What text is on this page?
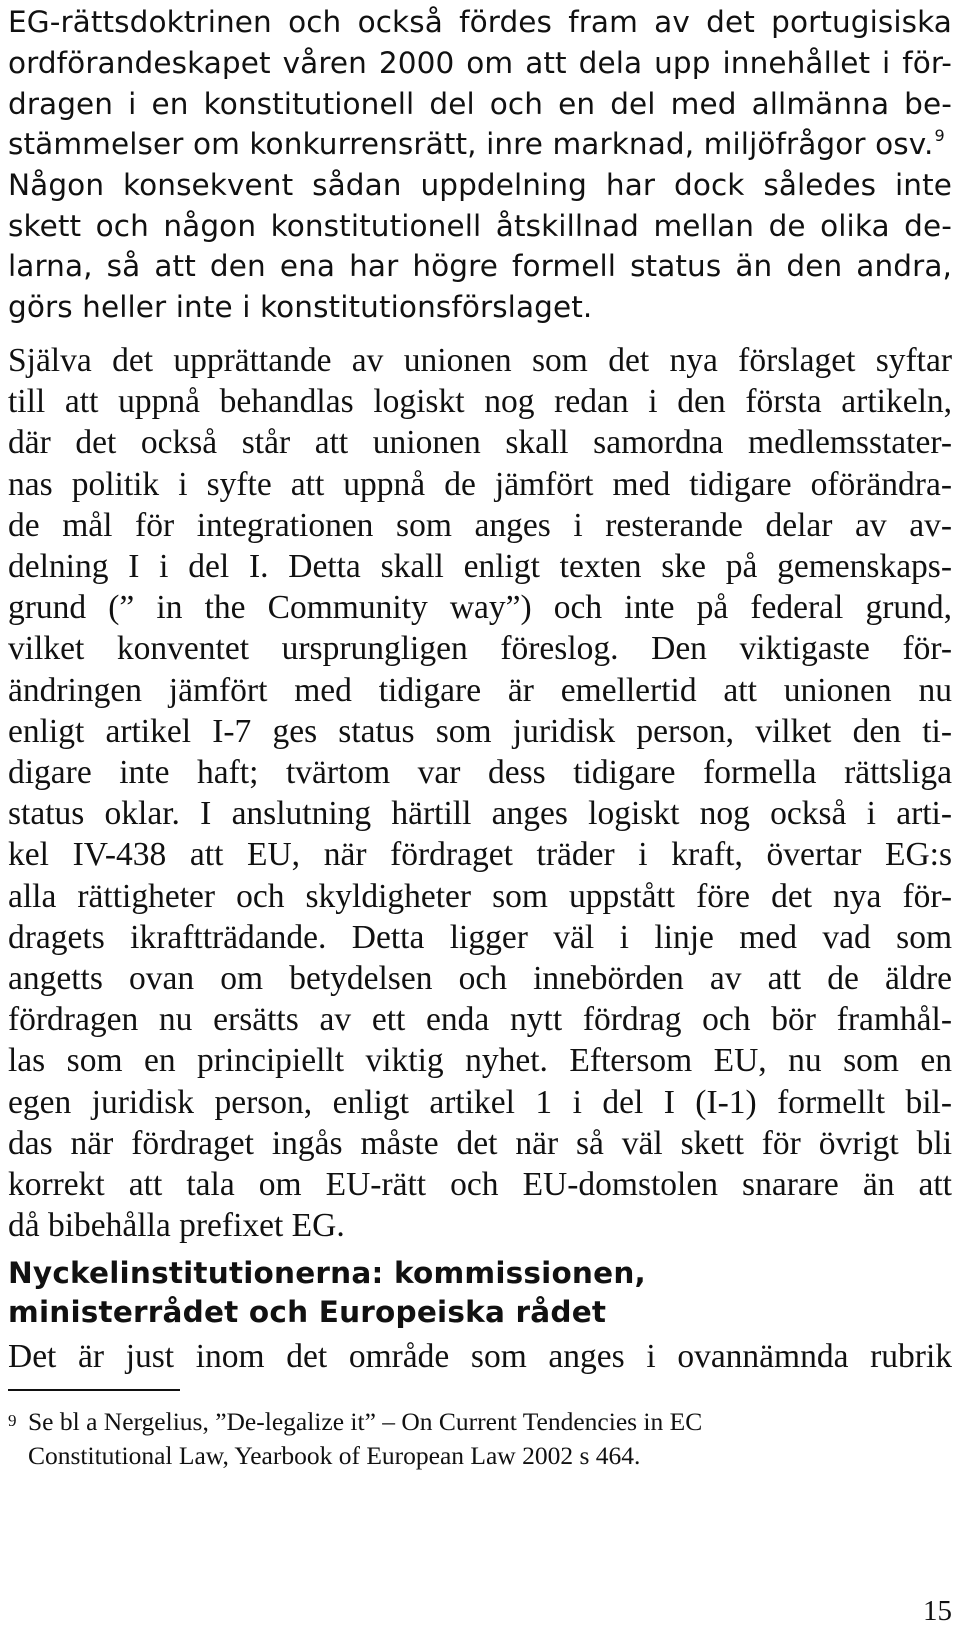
EG-rättsdoktrinen och också fördes fram av det portugisiska
ordförandeskapet våren 2000 om att dela upp innehållet i för-
dragen i en konstitutionell del och en del med allmänna be-
stämmelser om konkurrensrätt, inre marknad, miljöfrågor osv.$^9$
Någon konsekvent sådan uppdelning har dock således inte
skett och någon konstitutionell åtskillnad mellan de olika de-
larna, så att den ena har högre formell status än den andra,
görs heller inte i konstitutionsförslaget.
Själva det upprättande av unionen som det nya förslaget syftar
till att uppnå behandlas logiskt nog redan i den första artikeln,
där det också står att unionen skall samordna medlemsstater-
nas politik i syfte att uppnå de jämfört med tidigare oförändra-
de mål för integrationen som anges i resterande delar av av-
delning I i del I. Detta skall enligt texten ske på gemenskaps-
grund (” in the Community way”) och inte på federal grund,
vilket konventet ursprungligen föreslog. Den viktigaste för-
ändringen jämfört med tidigare är emellertid att unionen nu
enligt artikel I-7 ges status som juridisk person, vilket den ti-
digare inte haft; tvärtom var dess tidigare formella rättsliga
status oklar. I anslutning härtill anges logiskt nog också i arti-
kel IV-438 att EU, när fördraget träder i kraft, övertar EG:s
alla rättigheter och skyldigheter som uppstått före det nya för-
dragets ikraftträdande. Detta ligger väl i linje med vad som
angetts ovan om betydelsen och innebörden av att de äldre
fördragen nu ersätts av ett enda nytt fördrag och bör framhål-
las som en principiellt viktig nyhet. Eftersom EU, nu som en
egen juridisk person, enligt artikel 1 i del I (I-1) formellt bil-
das när fördraget ingås måste det när så väl skett för övrigt bli
korrekt att tala om EU-rätt och EU-domstolen snarare än att
då bibehålla prefixet EG.
Nyckelinstitutionerna: kommissionen,
ministerrådet och Europeiska rådet
Det är just inom det område som anges i ovannämnda rubrik
9 Se bl a Nergelius, ”De-legalize it” – On Current Tendencies in EC
Constitutional Law, Yearbook of European Law 2002 s 464.
15
